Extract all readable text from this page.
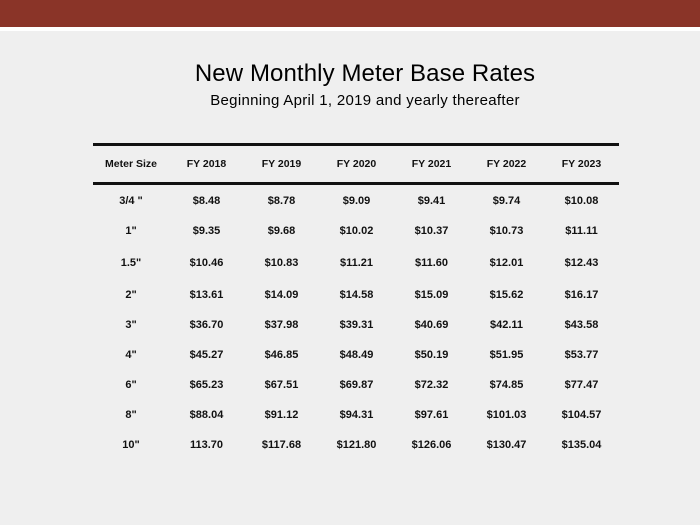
New Monthly Meter Base Rates
Beginning April 1, 2019 and yearly thereafter
Meter Size	FY 2018	FY 2019	FY 2020	FY 2021	FY 2022	FY 2023

3/4 "	$8.48	$8.78	$9.09	$9.41	$9.74	$10.08
1"	$9.35	$9.68	$10.02	$10.37	$10.73	$11.11
1.5"	$10.46	$10.83	$11.21	$11.60	$12.01	$12.43
2"	$13.61	$14.09	$14.58	$15.09	$15.62	$16.17
3"	$36.70	$37.98	$39.31	$40.69	$42.11	$43.58
4"	$45.27	$46.85	$48.49	$50.19	$51.95	$53.77
6"	$65.23	$67.51	$69.87	$72.32	$74.85	$77.47
8"	$88.04	$91.12	$94.31	$97.61	$101.03	$104.57
10"	113.70	$117.68	$121.80	$126.06	$130.47	$135.04
